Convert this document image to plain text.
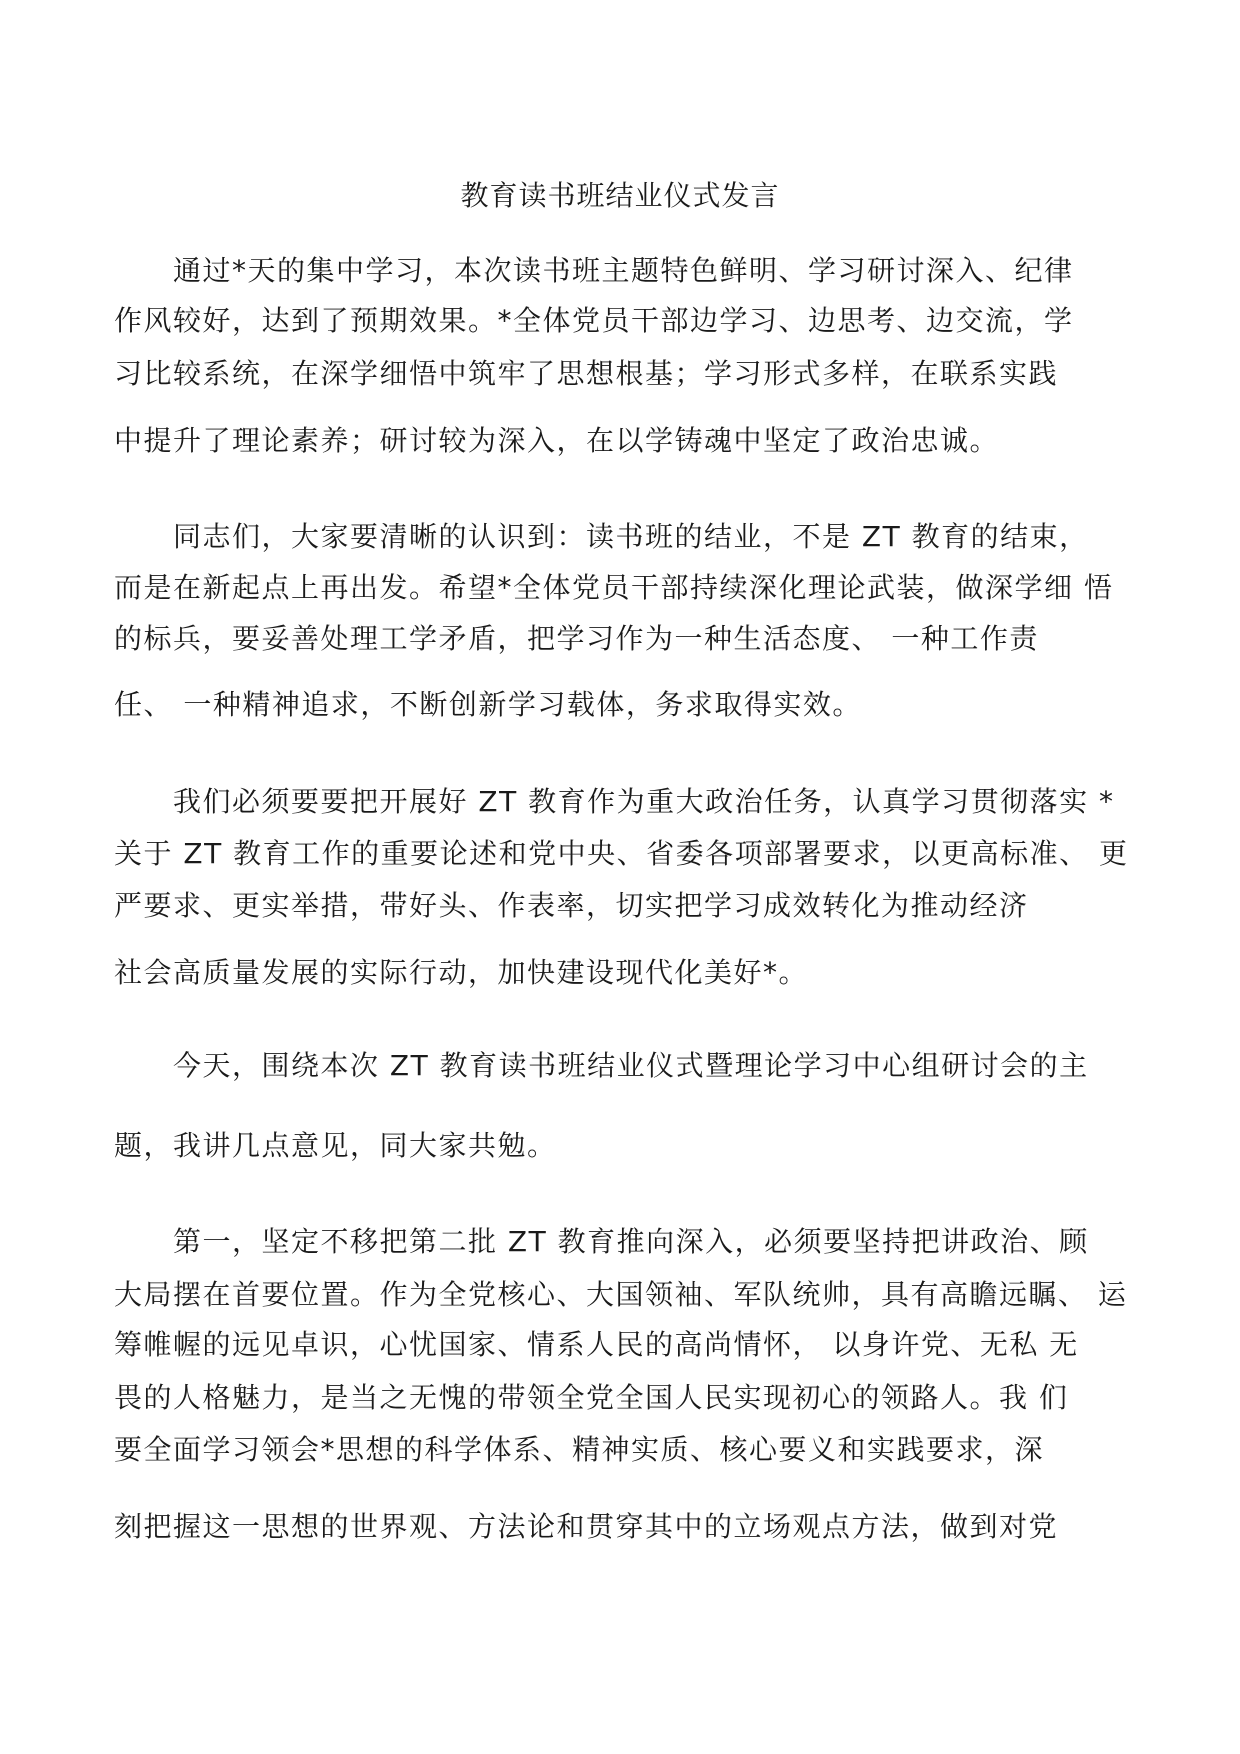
教育读书班结业仪式发言
　　通过*天的集中学习，本次读书班主题特色鲜明、学习研讨深入、纪律
作风较好，达到了预期效果。*全体党员干部边学习、边思考、边交流，学
习比较系统，在深学细悟中筑牢了思想根基；学习形式多样，在联系实践
中提升了理论素养；研讨较为深入，在以学铸魂中坚定了政治忠诚。
　　同志们，大家要清晰的认识到：读书班的结业，不是 ZT 教育的结束，
而是在新起点上再出发。希望*全体党员干部持续深化理论武装，做深学细 悟
的标兵，要妥善处理工学矛盾，把学习作为一种生活态度、 一种工作责
任、 一种精神追求，不断创新学习载体，务求取得实效。
　　我们必须要要把开展好 ZT 教育作为重大政治任务，认真学习贯彻落实 *
关于 ZT 教育工作的重要论述和党中央、省委各项部署要求，以更高标准、 更
严要求、更实举措，带好头、作表率，切实把学习成效转化为推动经济
社会高质量发展的实际行动，加快建设现代化美好*。
　　今天，围绕本次 ZT 教育读书班结业仪式暨理论学习中心组研讨会的主
题，我讲几点意见，同大家共勉。
　　第一，坚定不移把第二批 ZT 教育推向深入，必须要坚持把讲政治、顾
大局摆在首要位置。作为全党核心、大国领袖、军队统帅，具有高瞻远瞩、 运
筹帷幄的远见卓识，心忧国家、情系人民的高尚情怀， 以身许党、无私 无
畏的人格魅力，是当之无愧的带领全党全国人民实现初心的领路人。我 们
要全面学习领会*思想的科学体系、精神实质、核心要义和实践要求，深
刻把握这一思想的世界观、方法论和贯穿其中的立场观点方法，做到对党
